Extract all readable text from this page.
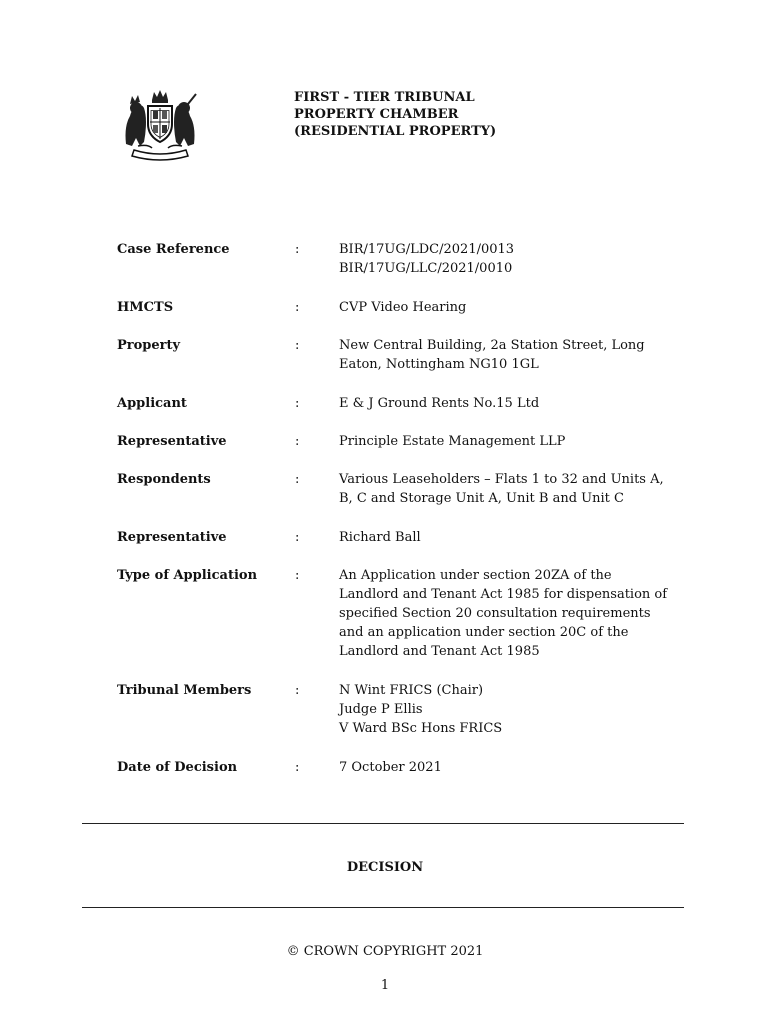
FIRST - TIER TRIBUNAL
PROPERTY CHAMBER
(RESIDENTIAL PROPERTY)
Case Reference	:	BIR/17UG/LDC/2021/0013
BIR/17UG/LLC/2021/0010
HMCTS	:	CVP Video Hearing
Property	:	New Central Building, 2a Station Street, Long
Eaton, Nottingham NG10 1GL
Applicant	:	E & J Ground Rents No.15 Ltd
Representative	:	Principle Estate Management LLP
Respondents	:	Various Leaseholders – Flats 1 to 32 and Units A,
B, C and Storage Unit A, Unit B and Unit C
Representative	:	Richard Ball
Type of Application	:	An Application under section 20ZA of the
Landlord and Tenant Act 1985 for dispensation of
specified Section 20 consultation requirements
and an application under section 20C of the
Landlord and Tenant Act 1985
Tribunal Members	:	N Wint FRICS (Chair)
Judge P Ellis
V Ward BSc Hons FRICS
Date of Decision	:	7 October 2021
DECISION
© CROWN COPYRIGHT 2021
1
